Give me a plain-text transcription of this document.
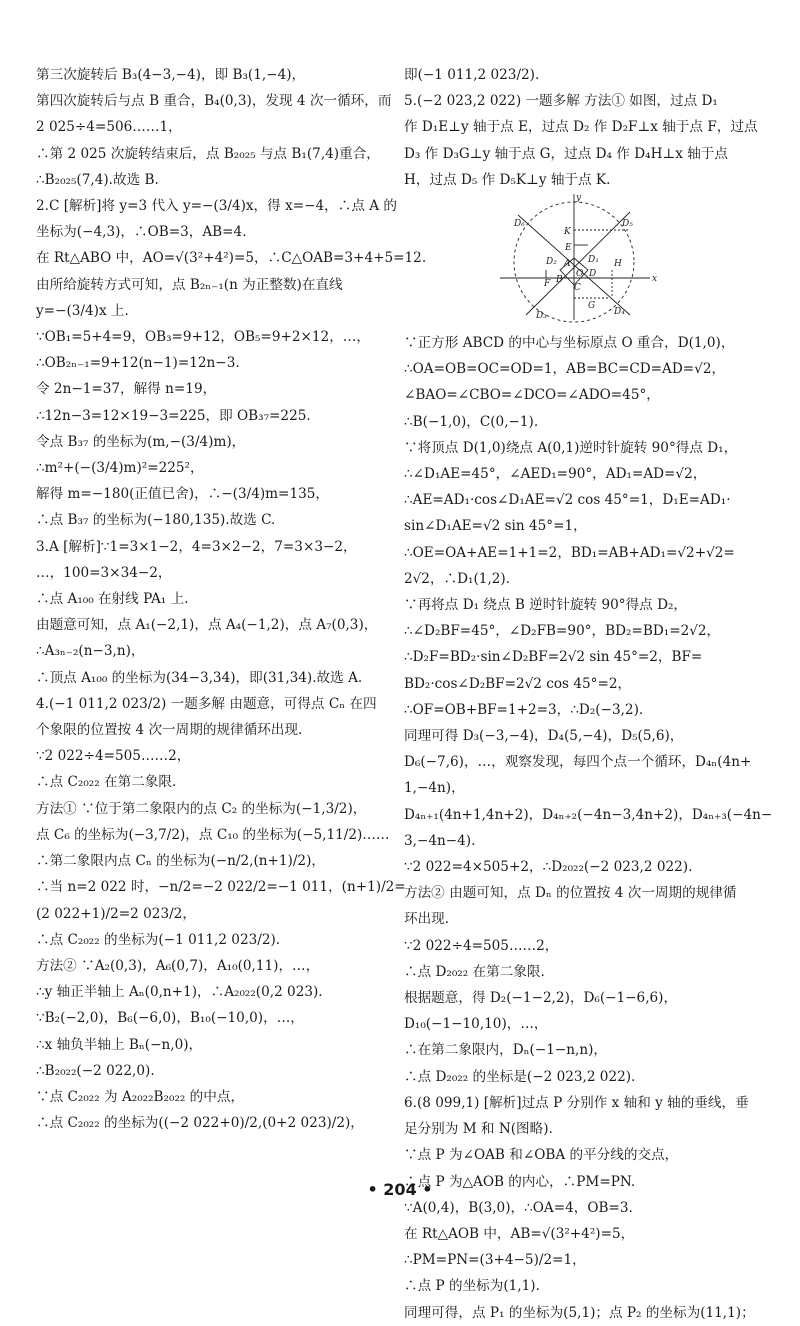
第三次旋转后 B₃(4−3,−4)，即 B₃(1,−4)，
第四次旋转后与点 B 重合，B₄(0,3)，发现 4 次一循环，而
2 025÷4=506……1，
∴第 2 025 次旋转结束后，点 B₂₀₂₅ 与点 B₁(7,4)重合，
∴B₂₀₂₅(7,4).故选 B.
2.C [解析]将 y=3 代入 y=−(3/4)x，得 x=−4，∴点 A 的
坐标为(−4,3)，∴OB=3，AB=4.
在 Rt△ABO 中，AO=√(3²+4²)=5，∴C△OAB=3+4+5=12.
由所给旋转方式可知，点 B₂ₙ₋₁(n 为正整数)在直线
y=−(3/4)x 上.
∵OB₁=5+4=9，OB₃=9+12，OB₅=9+2×12，…，
∴OB₂ₙ₋₁=9+12(n−1)=12n−3.
令 2n−1=37，解得 n=19，
∴12n−3=12×19−3=225，即 OB₃₇=225.
令点 B₃₇ 的坐标为(m,−(3/4)m)，
∴m²+(−(3/4)m)²=225²，
解得 m=−180(正值已舍)，∴−(3/4)m=135，
∴点 B₃₇ 的坐标为(−180,135).故选 C.
3.A [解析]∵1=3×1−2，4=3×2−2，7=3×3−2，
…，100=3×34−2，
∴点 A₁₀₀ 在射线 PA₁ 上.
由题意可知，点 A₁(−2,1)，点 A₄(−1,2)，点 A₇(0,3)，
∴A₃ₙ₋₂(n−3,n)，
∴顶点 A₁₀₀ 的坐标为(34−3,34)，即(31,34).故选 A.
4.(−1 011,2 023/2) 一题多解 由题意，可得点 Cₙ 在四
个象限的位置按 4 次一周期的规律循环出现.
∵2 022÷4=505……2，
∴点 C₂₀₂₂ 在第二象限.
方法① ∵位于第二象限内的点 C₂ 的坐标为(−1,3/2)，
点 C₆ 的坐标为(−3,7/2)，点 C₁₀ 的坐标为(−5,11/2)……
∴第二象限内点 Cₙ 的坐标为(−n/2,(n+1)/2)，
∴当 n=2 022 时，−n/2=−2 022/2=−1 011，(n+1)/2=
(2 022+1)/2=2 023/2，
∴点 C₂₀₂₂ 的坐标为(−1 011,2 023/2).
方法② ∵A₂(0,3)，A₆(0,7)，A₁₀(0,11)，…，
∴y 轴正半轴上 Aₙ(0,n+1)，∴A₂₀₂₂(0,2 023).
∵B₂(−2,0)，B₆(−6,0)，B₁₀(−10,0)，…，
∴x 轴负半轴上 Bₙ(−n,0)，
∴B₂₀₂₂(−2 022,0).
∵点 C₂₀₂₂ 为 A₂₀₂₂B₂₀₂₂ 的中点，
∴点 C₂₀₂₂ 的坐标为((−2 022+0)/2,(0+2 023)/2)，
即(−1 011,2 023/2).
5.(−2 023,2 022) 一题多解 方法① 如图，过点 D₁
作 D₁E⊥y 轴于点 E，过点 D₂ 作 D₂F⊥x 轴于点 F，过点
D₃ 作 D₃G⊥y 轴于点 G，过点 D₄ 作 D₄H⊥x 轴于点
H，过点 D₅ 作 D₅K⊥y 轴于点 K.
y
x
K
D₆	D₅
E
D₂ A D₁ H
O
F B
C
D
G
D₃	D₄
∵正方形 ABCD 的中心与坐标原点 O 重合，D(1,0)，
∴OA=OB=OC=OD=1，AB=BC=CD=AD=√2，
∠BAO=∠CBO=∠DCO=∠ADO=45°，
∴B(−1,0)，C(0,−1).
∵将顶点 D(1,0)绕点 A(0,1)逆时针旋转 90°得点 D₁，
∴∠D₁AE=45°，∠AED₁=90°，AD₁=AD=√2，
∴AE=AD₁·cos∠D₁AE=√2 cos 45°=1，D₁E=AD₁·
sin∠D₁AE=√2 sin 45°=1，
∴OE=OA+AE=1+1=2，BD₁=AB+AD₁=√2+√2=
2√2，∴D₁(1,2).
∵再将点 D₁ 绕点 B 逆时针旋转 90°得点 D₂，
∴∠D₂BF=45°，∠D₂FB=90°，BD₂=BD₁=2√2，
∴D₂F=BD₂·sin∠D₂BF=2√2 sin 45°=2，BF=
BD₂·cos∠D₂BF=2√2 cos 45°=2，
∴OF=OB+BF=1+2=3，∴D₂(−3,2).
同理可得 D₃(−3,−4)，D₄(5,−4)，D₅(5,6)，
D₆(−7,6)，…，观察发现，每四个点一个循环，D₄ₙ(4n+
1,−4n)，
D₄ₙ₊₁(4n+1,4n+2)，D₄ₙ₊₂(−4n−3,4n+2)，D₄ₙ₊₃(−4n−
3,−4n−4).
∵2 022=4×505+2，∴D₂₀₂₂(−2 023,2 022).
方法② 由题可知，点 Dₙ 的位置按 4 次一周期的规律循
环出现.
∵2 022÷4=505……2，
∴点 D₂₀₂₂ 在第二象限.
根据题意，得 D₂(−1−2,2)，D₆(−1−6,6)，
D₁₀(−1−10,10)，…，
∴在第二象限内，Dₙ(−1−n,n)，
∴点 D₂₀₂₂ 的坐标是(−2 023,2 022).
6.(8 099,1) [解析]过点 P 分别作 x 轴和 y 轴的垂线，垂
足分别为 M 和 N(图略).
∵点 P 为∠OAB 和∠OBA 的平分线的交点，
∴点 P 为△AOB 的内心，∴PM=PN.
∵A(0,4)，B(3,0)，∴OA=4，OB=3.
在 Rt△AOB 中，AB=√(3²+4²)=5，
∴PM=PN=(3+4−5)/2=1，
∴点 P 的坐标为(1,1).
同理可得，点 P₁ 的坐标为(5,1)；点 P₂ 的坐标为(11,1)；
• 204 •
